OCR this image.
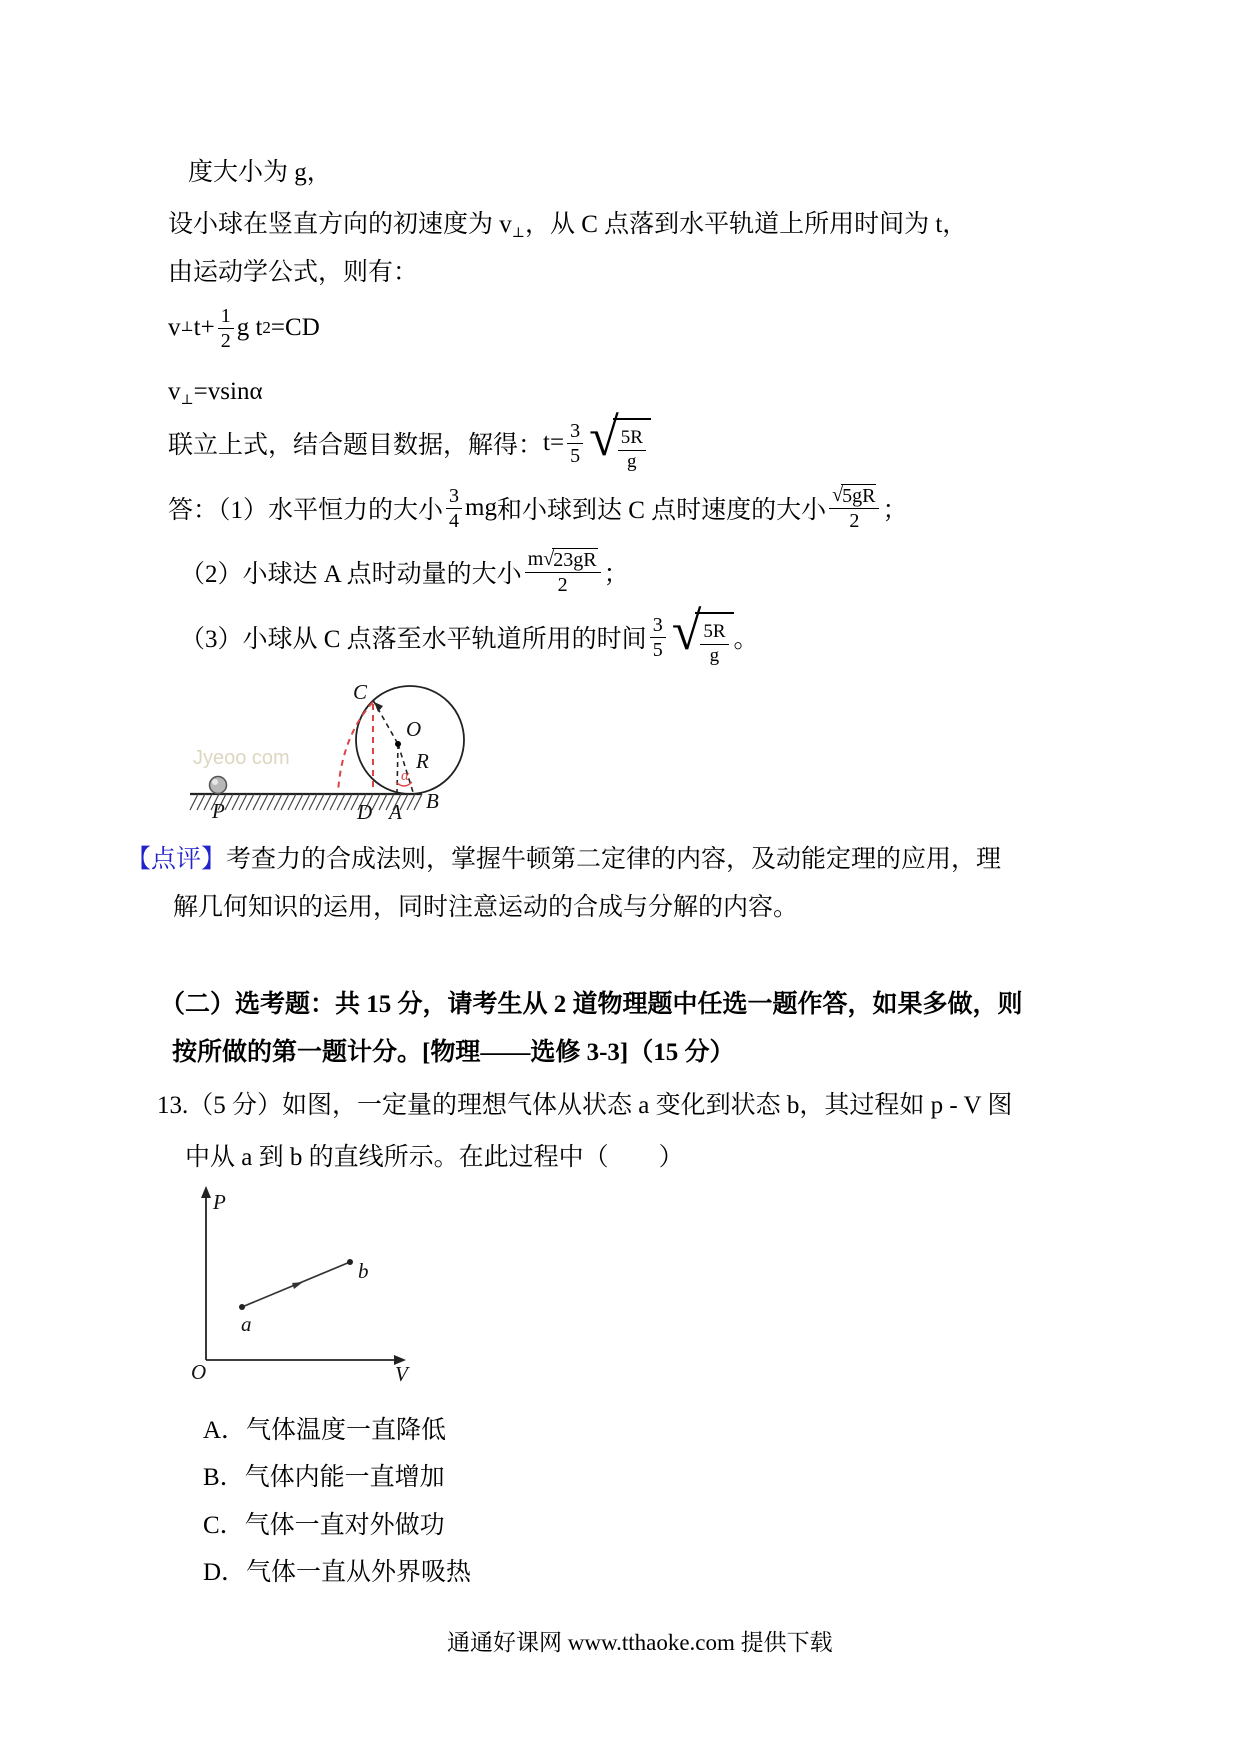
度大小为 g，
设小球在竖直方向的初速度为 $v_\perp$，从 C 点落到水平轨道上所用时间为 t，
由运动学公式，则有：
v ⊥ $t+ \frac{1}{2}$ g t 2 =CD
$v_\perp=vsin\alpha$
联立上式，结合题目数据，解得： $t= \frac{3}{5}$ √ $\frac{5R}{g}$
答：（1）水平恒力的大小 $\frac{3}{4}$ mg 和小球到达 C 点时速度的大小 $\frac{√ 5gR}{2}$ ；
（2）小球达 A 点时动量的大小 $\frac{m √ 23gR}{2}$ ；
（3）小球从 C 点落至水平轨道所用的时间 $\frac{3}{5}$ √ $\frac{5R}{g}$ 。
Jyeoo com
C
O
R
B
P	D A
α
【点评】考查力的合成法则，掌握牛顿第二定律的内容，及动能定理的应用，理
解几何知识的运用，同时注意运动的合成与分解的内容。
（二）选考题：共 15 分，请考生从 2 道物理题中任选一题作答，如果多做，则
按所做的第一题计分。[物理——选修 3-3]（15 分）
13.（5 分）如图，一定量的理想气体从状态 a 变化到状态 b，其过程如 p - V 图
中从 a 到 b 的直线所示。在此过程中（　　）
P
V
O
a
b
A．气体温度一直降低
B．气体内能一直增加
C．气体一直对外做功
D．气体一直从外界吸热
通通好课网 www.tthaoke.com 提供下载
